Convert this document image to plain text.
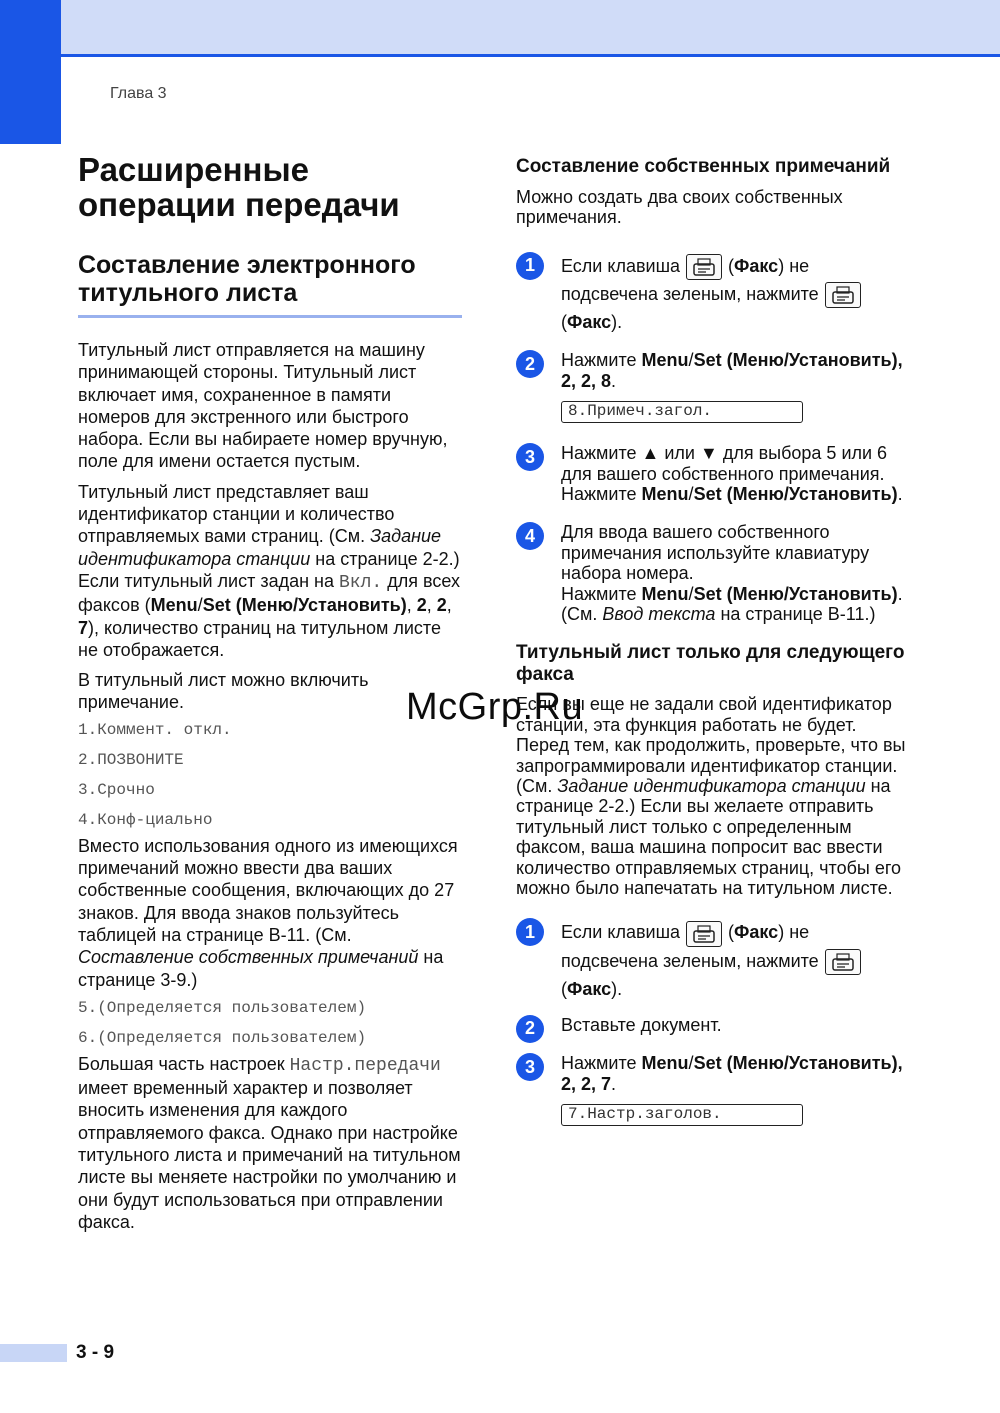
Глава 3
Расширенные
операции передачи
Составление электронного
титульного листа

Титульный лист отправляется на машину принимающей стороны. Титульный лист включает имя, сохраненное в памяти номеров для экстренного или быстрого набора. Если вы набираете номер вручную, поле для имени остается пустым.

Титульный лист представляет ваш идентификатор станции и количество отправляемых вами страниц. (См. Задание идентификатора станции на странице 2-2.) Если титульный лист задан на Вкл. для всех факсов (Menu/Set (Меню/Установить), 2, 2, 7), количество страниц на титульном листе не отображается.

В титульный лист можно включить примечание.

1.Коммент. откл.

2.ПОЗВОНИТЕ

3.Срочно

4.Конф-циально

Вместо использования одного из имеющихся примечаний можно ввести два ваших собственные сообщения, включающих до 27 знаков. Для ввода знаков пользуйтесь таблицей на странице B-11. (См. Составление собственных примечаний на странице 3-9.)

5.(Определяется пользователем)

6.(Определяется пользователем)

Большая часть настроек Настр.передачи имеет временный характер и позволяет вносить изменения для каждого отправляемого факса. Однако при настройке титульного листа и примечаний на титульном листе вы меняете настройки по умолчанию и они будут использоваться при отправлении факса.

Составление собственных примечаний

Можно создать два своих собственных примечания.

1	Если клавиша	(Факс) не подсвечена зеленым, нажмите

(Факс).
2	Нажмите Menu/Set (Меню/Установить), 2, 2, 8.
8.Примеч.загол.
3	Нажмите ▲ или ▼ для выбора 5 или 6 для вашего собственного примечания.
Нажмите Menu/Set (Меню/Установить).
4	Для ввода вашего собственного примечания используйте клавиатуру набора номера.
Нажмите Menu/Set (Меню/Установить). (См. Ввод текста на странице B-11.)
Титульный лист только для следующего факса

Если вы еще не задали свой идентификатор станции, эта функция работать не будет. Перед тем, как продолжить, проверьте, что вы запрограммировали идентификатор станции. (См. Задание идентификатора станции на странице 2-2.) Если вы желаете отправить титульный лист только с определенным факсом, ваша машина попросит вас ввести количество отправляемых страниц, чтобы его можно было напечатать на титульном листе.

1	Если клавиша	(Факс) не подсвечена зеленым, нажмите

(Факс).
2	Вставьте документ.
3	Нажмите Menu/Set (Меню/Установить), 2, 2, 7.
7.Настр.заголов.
McGrp.Ru
3 - 9
